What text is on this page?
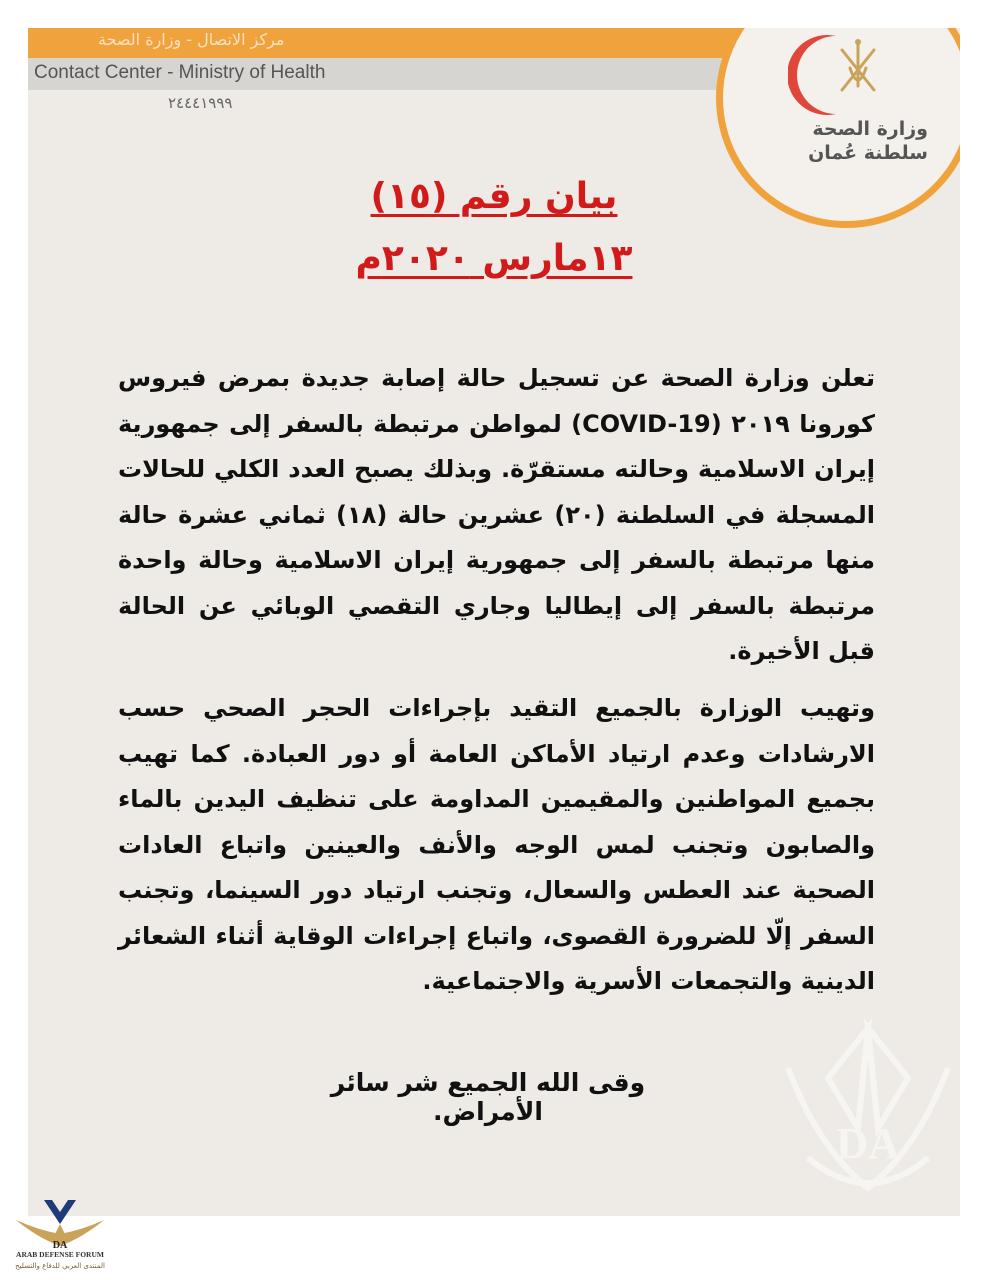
مركز الاتصال - وزارة الصحة
Contact Center - Ministry of Health
٢٤٤٤١٩٩٩
وزارة الصحة
سلطنة عُمان
بيان رقم (١٥)
١٣مارس ٢٠٢٠م
تعلن وزارة الصحة عن تسجيل حالة إصابة جديدة بمرض فيروس كورونا ٢٠١٩ (COVID-19) لمواطن مرتبطة بالسفر إلى جمهورية إيران الاسلامية وحالته مستقرّة. وبذلك يصبح العدد الكلي للحالات المسجلة في السلطنة (٢٠) عشرين حالة (١٨) ثماني عشرة حالة منها مرتبطة بالسفر إلى جمهورية إيران الاسلامية وحالة واحدة مرتبطة بالسفر إلى إيطاليا وجاري التقصي الوبائي عن الحالة قبل الأخيرة.
وتهيب الوزارة بالجميع التقيد بإجراءات الحجر الصحي حسب الارشادات وعدم ارتياد الأماكن العامة أو دور العبادة. كما تهيب بجميع المواطنين والمقيمين المداومة على تنظيف اليدين بالماء والصابون وتجنب لمس الوجه والأنف والعينين واتباع العادات الصحية عند العطس والسعال، وتجنب ارتياد دور السينما، وتجنب السفر إلّا للضرورة القصوى، واتباع إجراءات الوقاية أثناء الشعائر الدينية والتجمعات الأسرية والاجتماعية.
وقى الله الجميع شر سائر الأمراض.
DA
DA
ARAB DEFENSE FORUM
المنتدى العربي للدفاع والتسليح
